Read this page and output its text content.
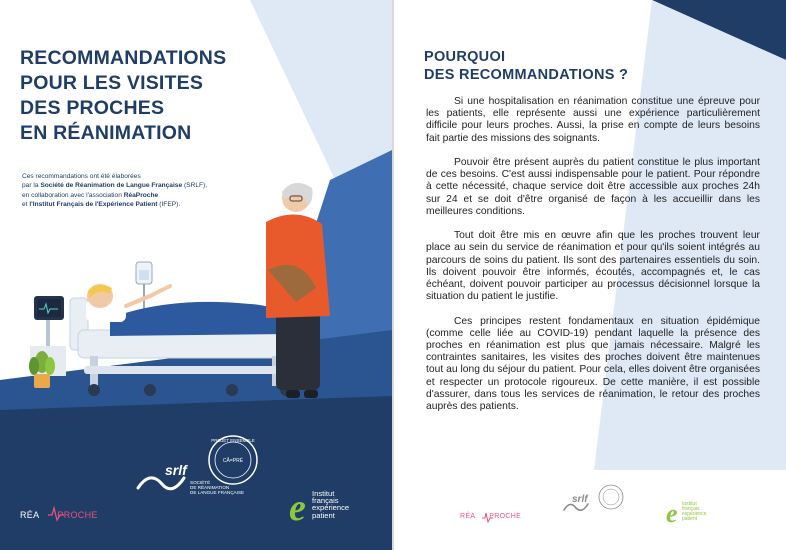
PROJET ENSEMBLE
CÂ=PRÉ
e
RECOMMANDATIONS
POUR LES VISITES
DES PROCHES
EN RÉANIMATION

Ces recommandations ont été élaborées

par la Société de Réanimation de Langue Française (SRLF),

en collaboration avec l'association RéaProche

et l'Institut Français de l'Expérience Patient (IFEP).

srlf
SOCIÉTÉ
DE RÉANIMATION
DE LANGUE FRANÇAISE
RÉA PROCHE
Institut
français
expérience
patient	e
POURQUOI
DES RECOMMANDATIONS ?

Si une hospitalisation en réanimation constitue une épreuve pour les patients, elle représente aussi une expérience particulièrement difficile pour leurs proches. Aussi, la prise en compte de leurs besoins fait partie des missions des soignants.

Pouvoir être présent auprès du patient constitue le plus important de ces besoins. C'est aussi indispensable pour le patient. Pour répondre à cette nécessité, chaque service doit être accessible aux proches 24h sur 24 et se doit d'être organisé de façon à les accueillir dans les meilleures conditions.

Tout doit être mis en œuvre afin que les proches trouvent leur place au sein du service de réanimation et pour qu'ils soient intégrés au parcours de soins du patient. Ils sont des partenaires essentiels du soin. Ils doivent pouvoir être informés, écoutés, accompagnés et, le cas échéant, doivent pouvoir participer au processus décisionnel lorsque la situation du patient le justifie.

Ces principes restent fondamentaux en situation épidémique (comme celle liée au COVID-19) pendant laquelle la présence des proches en réanimation est plus que jamais nécessaire. Malgré les contraintes sanitaires, les visites des proches doivent être maintenues tout au long du séjour du patient. Pour cela, elles doivent être organisées et respecter un protocole rigoureux. De cette manière, il est possible d'assurer, dans tous les services de réanimation, le retour des proches auprès des patients.

RÉA PROCHE
srlf	Institut
français
expérience
patient
